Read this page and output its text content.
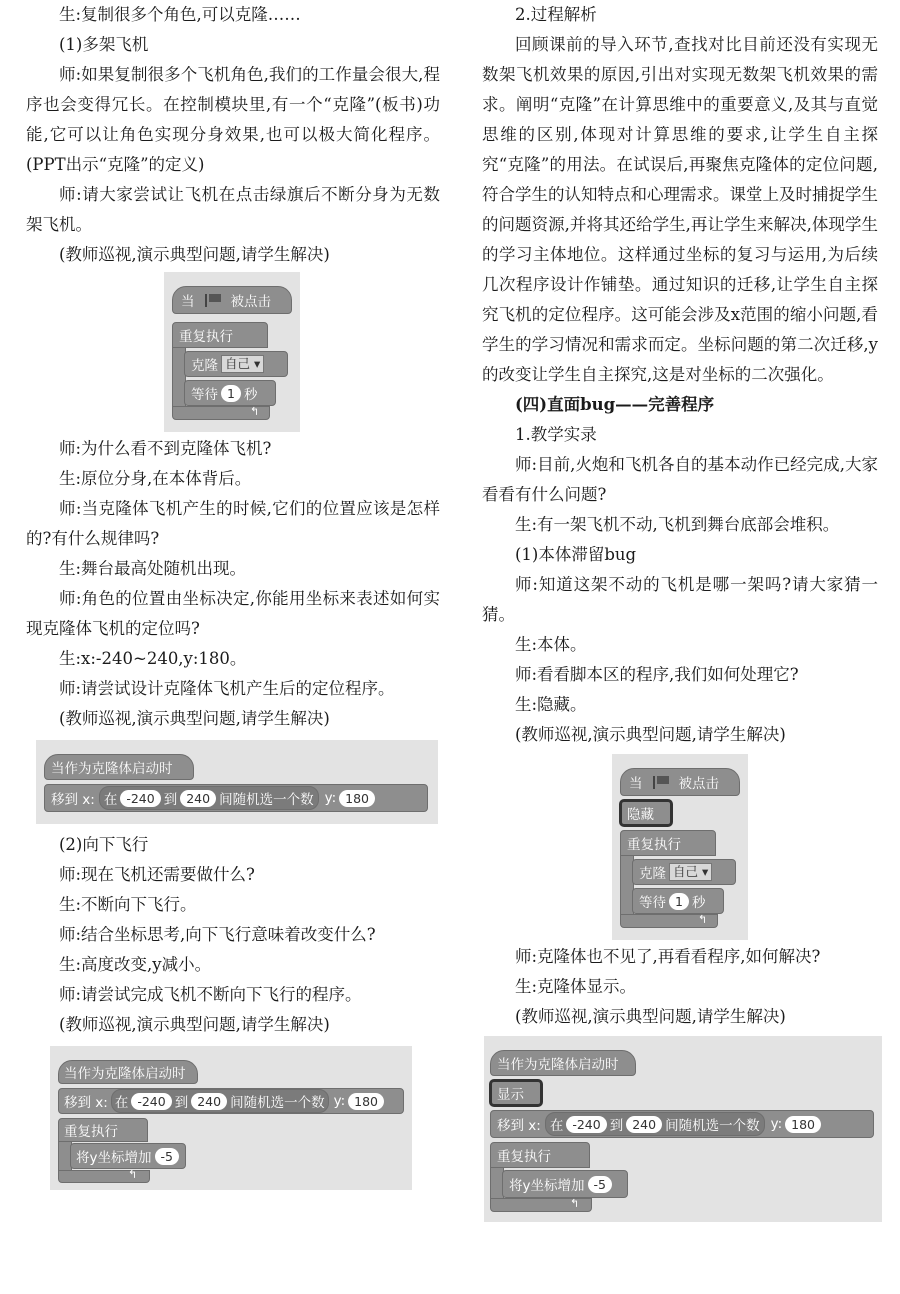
生:复制很多个角色,可以克隆……

(1)多架飞机

师:如果复制很多个飞机角色,我们的工作量会很大,程序也会变得冗长。在控制模块里,有一个“克隆”(板书)功能,它可以让角色实现分身效果,也可以极大简化程序。(PPT出示“克隆”的定义)

师:请大家尝试让飞机在点击绿旗后不断分身为无数架飞机。

(教师巡视,演示典型问题,请学生解决)

当	被点击
重复执行
克隆 自己 ▾
等待 1 秒
↰

师:为什么看不到克隆体飞机?

生:原位分身,在本体背后。

师:当克隆体飞机产生的时候,它们的位置应该是怎样的?有什么规律吗?

生:舞台最高处随机出现。

师:角色的位置由坐标决定,你能用坐标来表述如何实现克隆体飞机的定位吗?

生:x:-240~240,y:180。

师:请尝试设计克隆体飞机产生后的定位程序。

(教师巡视,演示典型问题,请学生解决)

当作为克隆体启动时
移到 x: 在 -240 到 240 间随机选一个数 y: 180

(2)向下飞行

师:现在飞机还需要做什么?

生:不断向下飞行。

师:结合坐标思考,向下飞行意味着改变什么?

生:高度改变,y减小。

师:请尝试完成飞机不断向下飞行的程序。

(教师巡视,演示典型问题,请学生解决)

当作为克隆体启动时
移到 x: 在 -240 到 240 间随机选一个数 y: 180
重复执行
将y坐标增加 -5
↰

2.过程解析

回顾课前的导入环节,查找对比目前还没有实现无数架飞机效果的原因,引出对实现无数架飞机效果的需求。阐明“克隆”在计算思维中的重要意义,及其与直觉思维的区别,体现对计算思维的要求,让学生自主探究“克隆”的用法。在试误后,再聚焦克隆体的定位问题,符合学生的认知特点和心理需求。课堂上及时捕捉学生的问题资源,并将其还给学生,再让学生来解决,体现学生的学习主体地位。这样通过坐标的复习与运用,为后续几次程序设计作铺垫。通过知识的迁移,让学生自主探究飞机的定位程序。这可能会涉及x范围的缩小问题,看学生的学习情况和需求而定。坐标问题的第二次迁移,y的改变让学生自主探究,这是对坐标的二次强化。

(四)直面bug——完善程序

1.教学实录

师:目前,火炮和飞机各自的基本动作已经完成,大家看看有什么问题?

生:有一架飞机不动,飞机到舞台底部会堆积。

(1)本体滞留bug

师:知道这架不动的飞机是哪一架吗?请大家猜一猜。

生:本体。

师:看看脚本区的程序,我们如何处理它?

生:隐藏。

(教师巡视,演示典型问题,请学生解决)

当	被点击
隐藏
重复执行
克隆 自己 ▾
等待 1 秒
↰

师:克隆体也不见了,再看看程序,如何解决?

生:克隆体显示。

(教师巡视,演示典型问题,请学生解决)

当作为克隆体启动时
显示
移到 x: 在 -240 到 240 间随机选一个数 y: 180
重复执行
将y坐标增加 -5
↰
